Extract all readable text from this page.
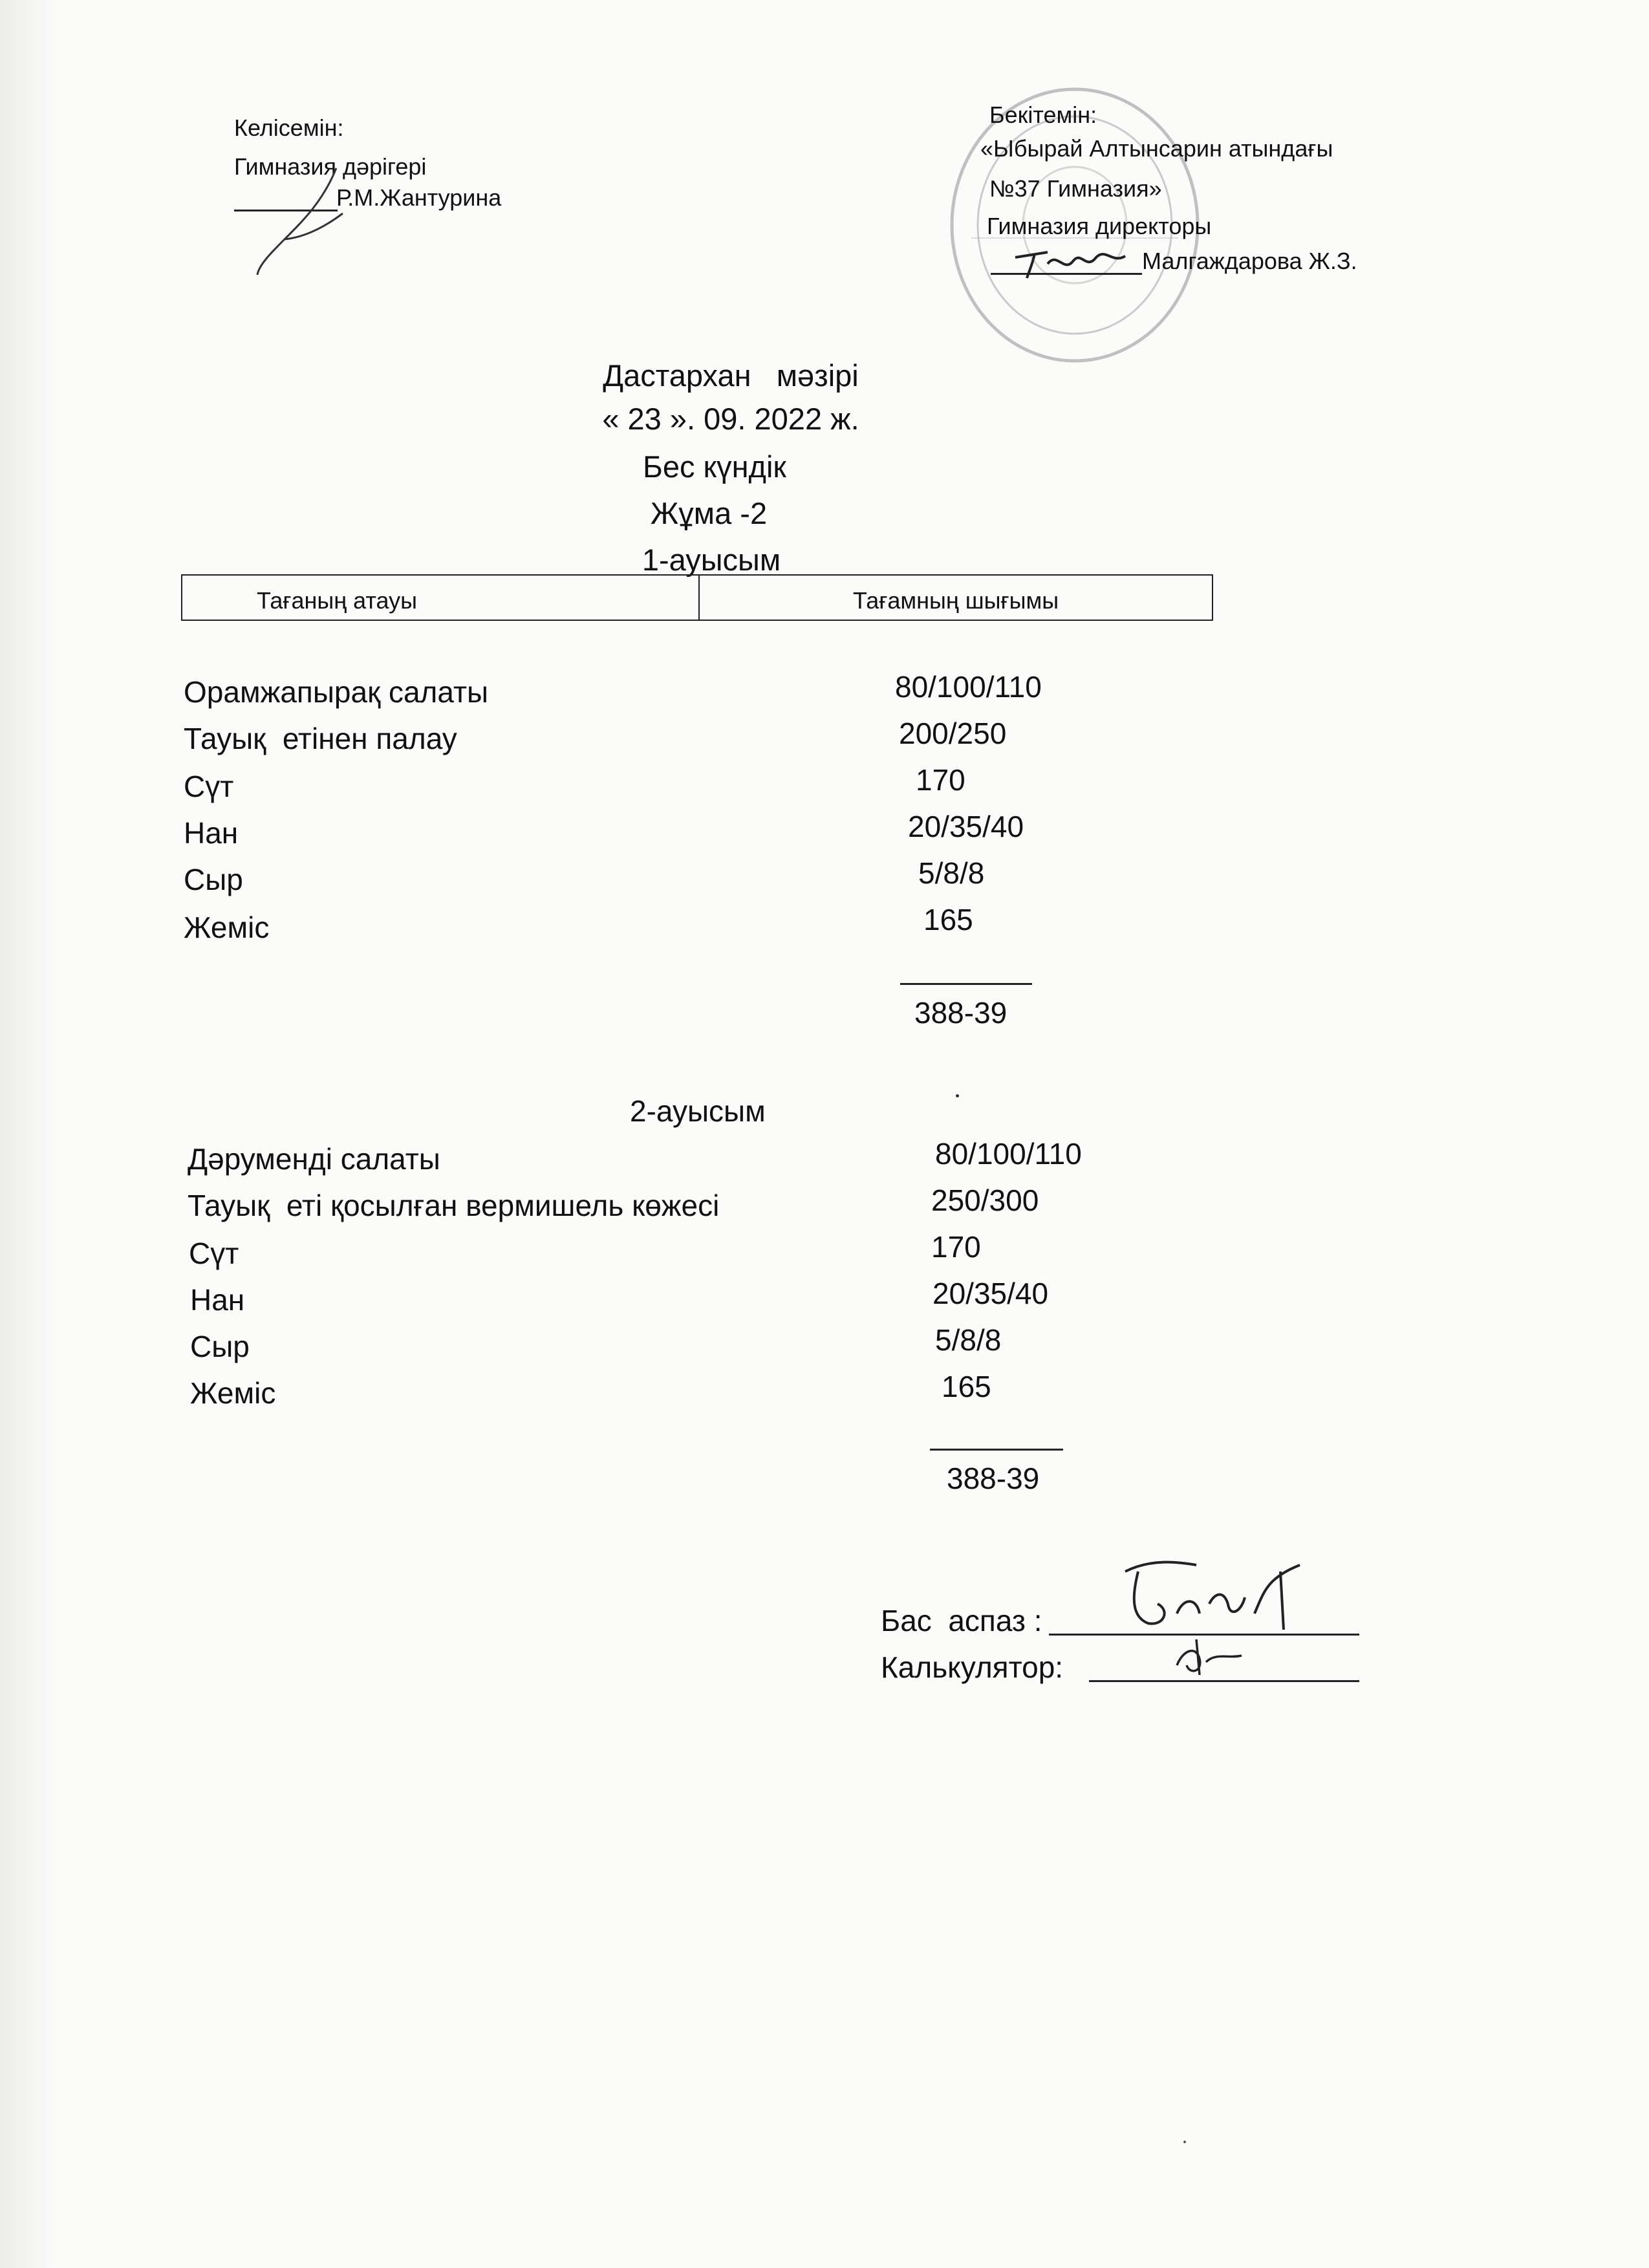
Келісемін:
Гимназия дәрігері
Р.М.Жантурина
Бекітемін:
«Ыбырай Алтынсарин атындағы
№37 Гимназия»
Гимназия директоры
Малгаждарова Ж.З.
Дастархан   мәзірі
« 23 ». 09. 2022 ж.
Бес күндік
Жұма -2
1-ауысым
Тағаның атауы	Тағамның шығымы
Орамжапырақ салаты	80/100/110
Тауық  етінен палау	200/250
Сүт	170
Нан	20/35/40
Сыр	5/8/8
Жеміс	165
388-39
2-ауысым
Дәруменді салаты	80/100/110
Тауық  еті қосылған вермишель көжесі	250/300
Сүт	170
Нан	20/35/40
Сыр	5/8/8
Жеміс	165
388-39
Бас  аспаз :
Калькулятор:
